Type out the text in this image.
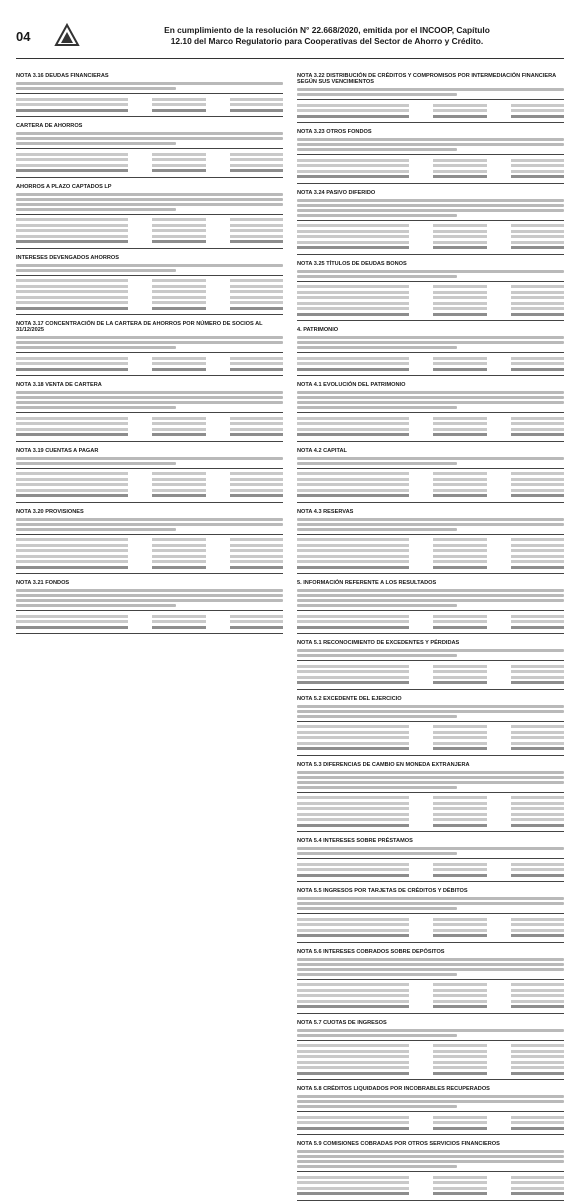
04	En cumplimiento de la resolución N° 22.668/2020, emitida por el INCOOP, Capítulo
12.10 del Marco Regulatorio para Cooperativas del Sector de Ahorro y Crédito.
NOTA 3.16 DEUDAS FINANCIERAS
CARTERA DE AHORROS
AHORROS A PLAZO CAPTADOS LP
INTERESES DEVENGADOS AHORROS
NOTA 3.17 CONCENTRACIÓN DE LA CARTERA DE AHORROS POR NÚMERO DE SOCIOS AL 31/12/2025
NOTA 3.18 VENTA DE CARTERA
NOTA 3.19 CUENTAS A PAGAR
NOTA 3.20 PROVISIONES
NOTA 3.21 FONDOS
NOTA 3.22 DISTRIBUCIÓN DE CRÉDITOS Y COMPROMISOS POR INTERMEDIACIÓN FINANCIERA SEGÚN SUS VENCIMIENTOS
NOTA 3.23 OTROS FONDOS
NOTA 3.24 PASIVO DIFERIDO
NOTA 3.25 TÍTULOS DE DEUDAS BONOS
4. PATRIMONIO
NOTA 4.1 EVOLUCIÓN DEL PATRIMONIO
NOTA 4.2 CAPITAL
NOTA 4.3 RESERVAS
5. INFORMACIÓN REFERENTE A LOS RESULTADOS
NOTA 5.1 RECONOCIMIENTO DE EXCEDENTES Y PÉRDIDAS
NOTA 5.2 EXCEDENTE DEL EJERCICIO
NOTA 5.3 DIFERENCIAS DE CAMBIO EN MONEDA EXTRANJERA
NOTA 5.4 INTERESES SOBRE PRÉSTAMOS
NOTA 5.5 INGRESOS POR TARJETAS DE CRÉDITOS Y DÉBITOS
NOTA 5.6 INTERESES COBRADOS SOBRE DEPÓSITOS
NOTA 5.7 CUOTAS DE INGRESOS
NOTA 5.8 CRÉDITOS LIQUIDADOS POR INCOBRABLES RECUPERADOS
NOTA 5.9 COMISIONES COBRADAS POR OTROS SERVICIOS FINANCIEROS
